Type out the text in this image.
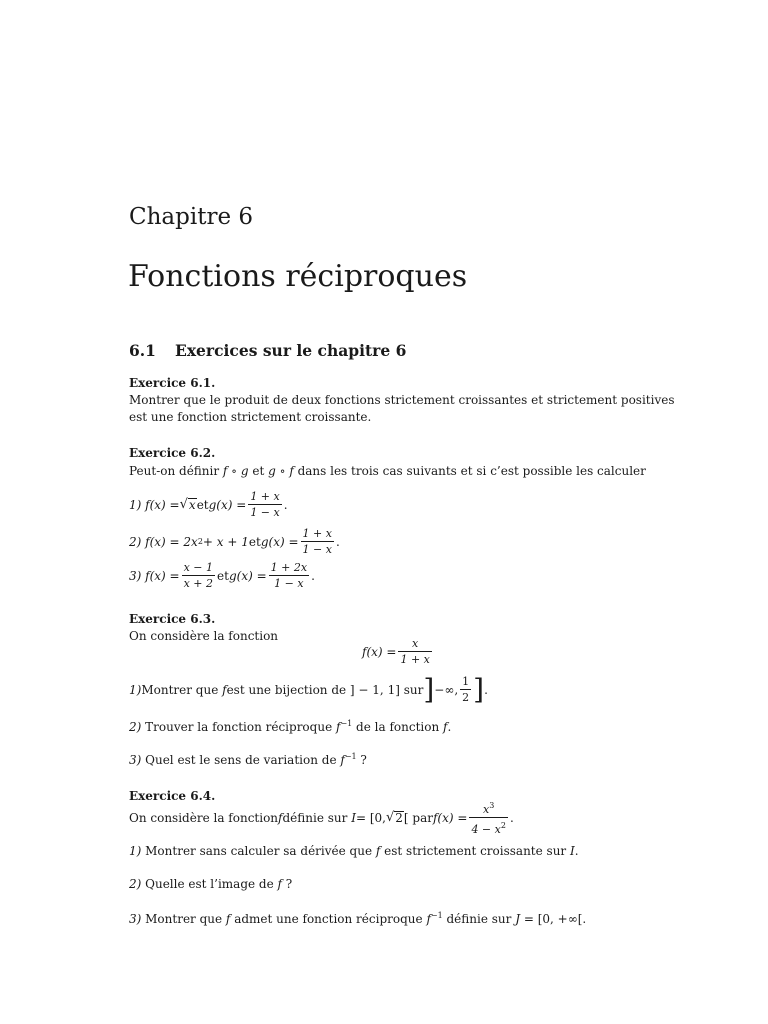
Chapitre 6
Fonctions réciproques
6.1 Exercices sur le chapitre 6
Exercice 6.1.
Montrer que le produit de deux fonctions strictement croissantes et strictement positives
est une fonction strictement croissante.
Exercice 6.2.
Peut-on définir f ∘ g et g ∘ f dans les trois cas suivants et si c’est possible les calculer
1)
f(x) = √ x et $g(x) = \frac{1 + x}{1 - x}$ .
2)
f(x) = 2x 2 + x + 1 et $g(x) = \frac{1 + x}{1 - x}$ .
3)
$f(x) = \frac{x - 1}{x + 2}$ et $g(x) = \frac{1 + 2x}{1 - x}$ .
Exercice 6.3.
On considère la fonction
$f(x) = \frac{x}{1 + x}$
1) Montrer que
f est une bijection de ] − 1, 1] sur ] −∞, $\frac{1}{2}$ ] .
2) Trouver la fonction réciproque $f^{-1}$ de la fonction f.
3) Quel est le sens de variation de $f^{-1}$ ?
Exercice 6.4.
On considère la fonction f définie sur
I = [0, √ 2 [ par $f(x) = \frac{x^3}{4 - x^2}$ .
1) Montrer sans calculer sa dérivée que f est strictement croissante sur I.
2) Quelle est l’image de f ?
3) Montrer que f admet une fonction réciproque $f^{-1}$ définie sur J = [0, +∞[.
